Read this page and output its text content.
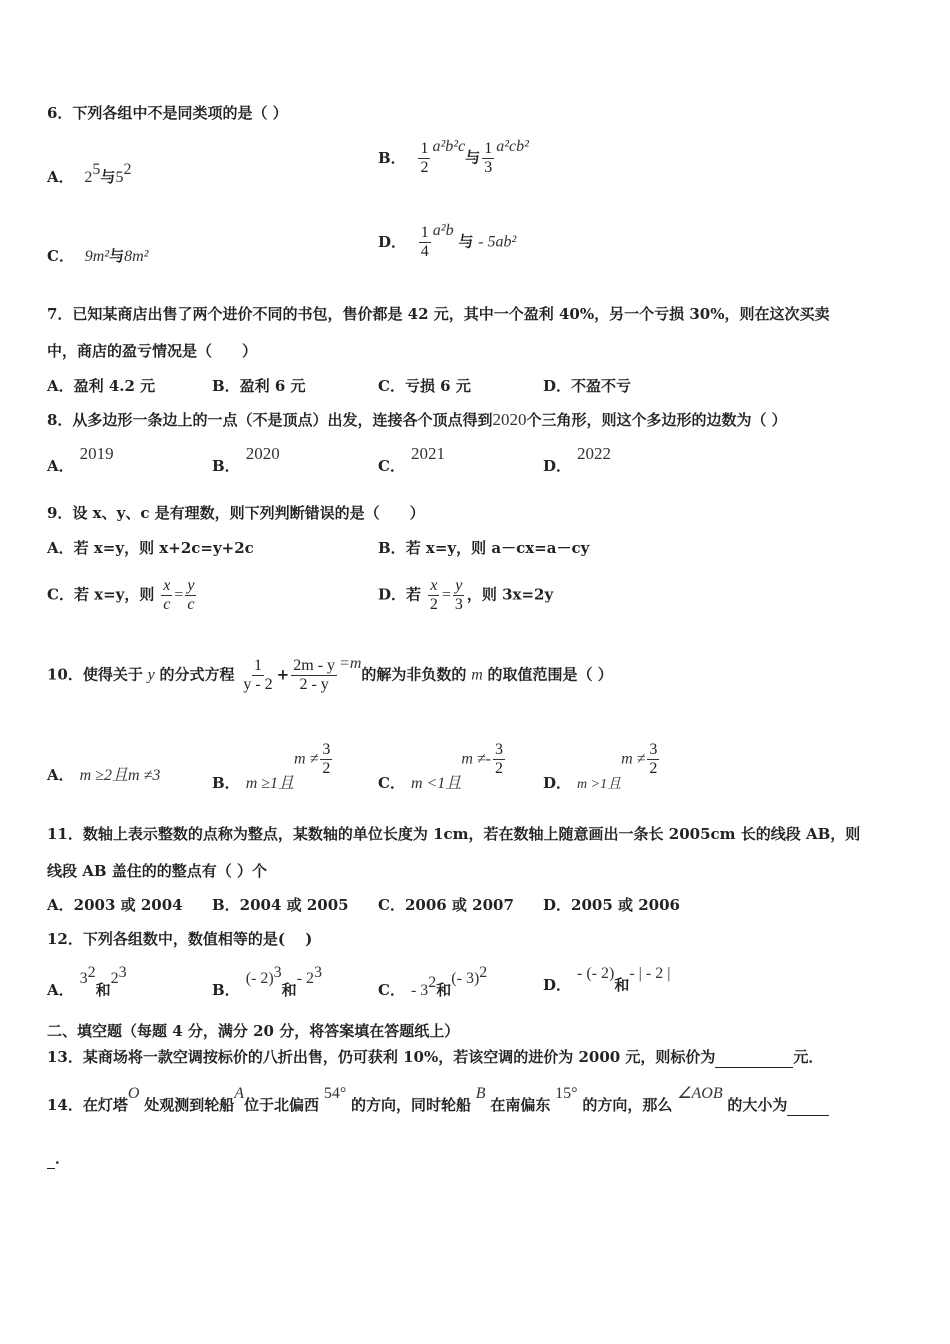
6．下列各组中不是同类项的是（ ）
A． $2^5$与$5^2$
B． $\frac{1}{2} a^2b^2c$与 $\frac{1}{3} a^2cb^2$
C． 9m²与8m²
D． $\frac{1}{4} a^2b$ 与 - 5ab²
7．已知某商店出售了两个进价不同的书包，售价都是 42 元，其中一个盈利 40%，另一个亏损 30%，则在这次买卖
中，商店的盈亏情况是（　　）
A．盈利 4.2 元	B．盈利 6 元	C．亏损 6 元	D．不盈不亏
8．从多边形一条边上的一点（不是顶点）出发，连接各个顶点得到2020个三角形，则这个多边形的边数为（ ）
A．2019
B．2020
C．2021
D．2022
9．设 x、y、c 是有理数，则下列判断错误的是（　　）
A．若 x=y，则 x+2c=y+2c	B．若 x=y，则 a－cx=a－cy
C．若 x=y，则 $\frac{x}{c} = \frac{y}{c}$	D．若 $\frac{x}{2} = \frac{y}{3}$ ，则 3x=2y
10．使得关于 y 的分式方程 $\frac{1}{y - 2} + \frac{2m - y}{2 - y} =m$的解为非负数的 m 的取值范围是（ ）
A． m ≥2且m ≠3	B． m ≥1且$m \ne \frac{3}{2}$
C． m <1且$m \ne- \frac{3}{2}$
D． m >1且$m \ne \frac{3}{2}$
11．数轴上表示整数的点称为整点，某数轴的单位长度为 1cm，若在数轴上随意画出一条长 2005cm 长的线段 AB，则
线段 AB 盖住的的整点有（ ）个
A．2003 或 2004 B．2004 或 2005 C．2006 或 2007 D．2005 或 2006
12．下列各组数中，数值相等的是(　 )
A．$3^2$和$2^3$
B．(- 2)$^3$和- $2^3$
C． - $3^2$和(- 3)$^2$
D．- (- 2)和- | - 2 |
二、填空题（每题 4 分，满分 20 分，将答案填在答题纸上）
13．某商场将一款空调按标价的八折出售，仍可获利 10%，若该空调的进价为 2000 元，则标价为	元．
14．在灯塔O 处观测到轮船A位于北偏西 54° 的方向，同时轮船 B 在南偏东 15° 的方向，那么 ∠AOB 的大小为
．
